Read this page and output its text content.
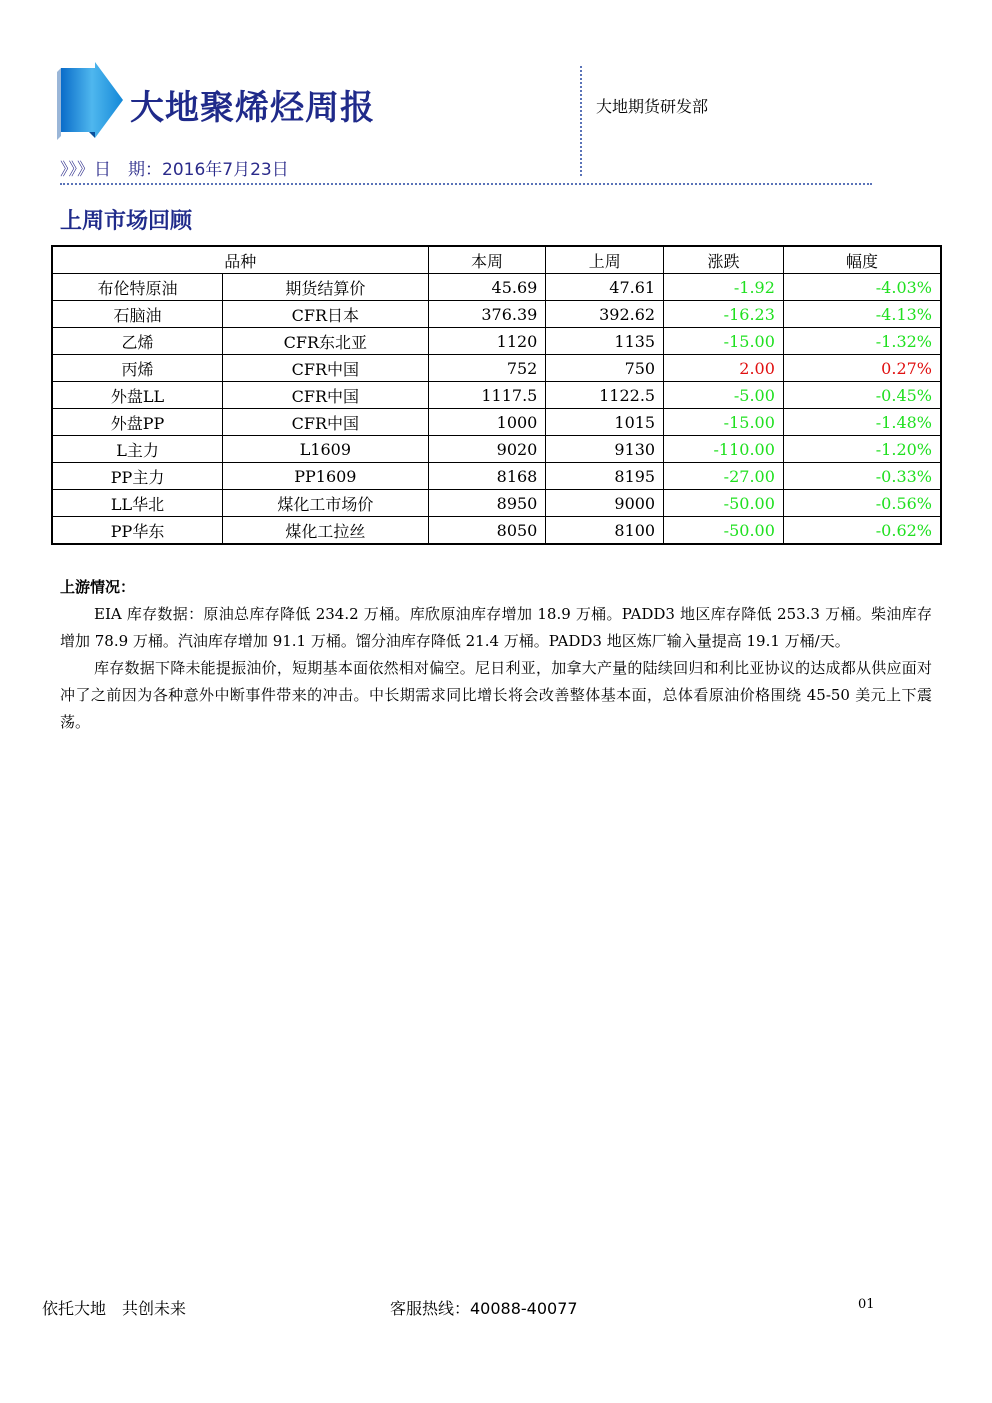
大地聚烯烃周报	大地期货研发部
》》》日　期：2016年7月23日
上周市场回顾
品种		本周	上周	涨跌	幅度
布伦特原油	期货结算价	45.69	47.61	-1.92	-4.03%
石脑油	CFR日本	376.39	392.62	-16.23	-4.13%
乙烯	CFR东北亚	1120	1135	-15.00	-1.32%
丙烯	CFR中国	752	750	2.00	0.27%
外盘LL	CFR中国	1117.5	1122.5	-5.00	-0.45%
外盘PP	CFR中国	1000	1015	-15.00	-1.48%
L主力	L1609	9020	9130	-110.00	-1.20%
PP主力	PP1609	8168	8195	-27.00	-0.33%
LL华北	煤化工市场价	8950	9000	-50.00	-0.56%
PP华东	煤化工拉丝	8050	8100	-50.00	-0.62%
上游情况：

EIA 库存数据：原油总库存降低 234.2 万桶。库欣原油库存增加 18.9 万桶。PADD3 地区库存降低 253.3 万桶。柴油库存增加 78.9 万桶。汽油库存增加 91.1 万桶。馏分油库存降低 21.4 万桶。PADD3 地区炼厂输入量提高 19.1 万桶/天。

库存数据下降未能提振油价，短期基本面依然相对偏空。尼日利亚，加拿大产量的陆续回归和利比亚协议的达成都从供应面对冲了之前因为各种意外中断事件带来的冲击。中长期需求同比增长将会改善整体基本面，总体看原油价格围绕 45-50 美元上下震荡。

依托大地　共创未来	客服热线：40088-40077	01
